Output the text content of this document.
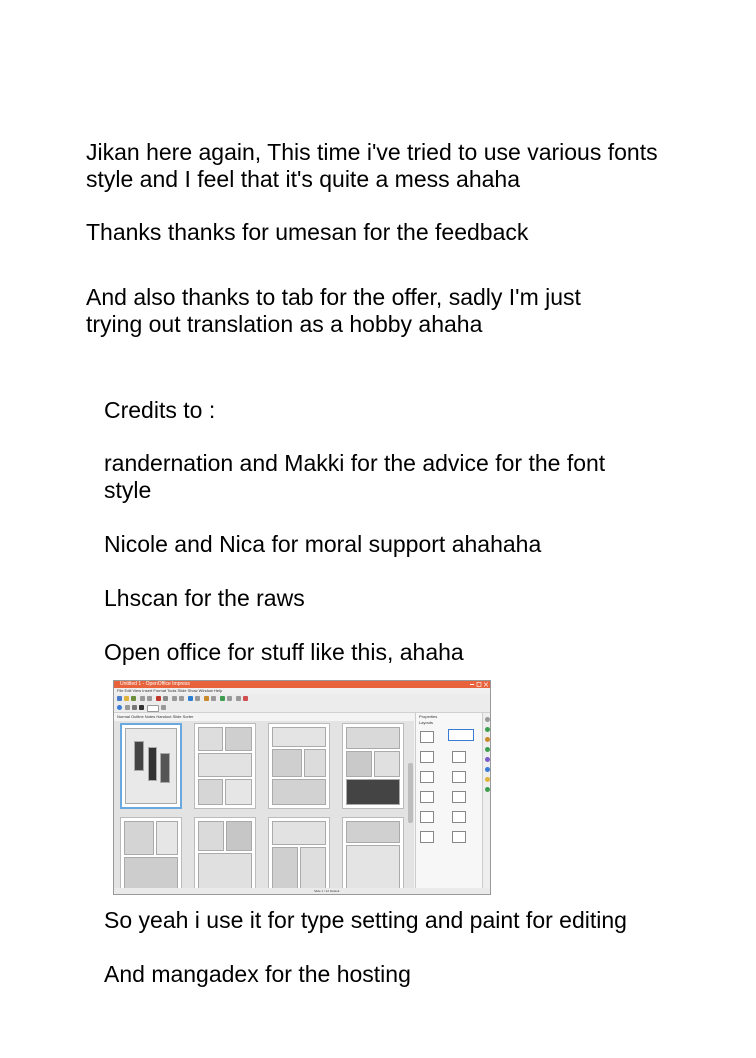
Jikan here again, This time i've tried to use various fonts

style and I feel that it's quite a mess ahaha

Thanks thanks for umesan for the feedback

And also thanks to tab for the offer, sadly I'm just

trying out translation as a hobby ahaha

Credits to :

randernation and Makki for the advice for the font

style

Nicole and Nica for moral support ahahaha

Lhscan for the raws

Open office for stuff like this, ahaha

Untitled 1 - OpenOffice Impress
File Edit View Insert Format Tools Slide Show Window Help
Normal Outline Notes Handout Slide Sorter	Properties
Layouts
Slide 1 / 12 Default

So yeah i use it for type setting and paint for editing

And mangadex for the hosting
